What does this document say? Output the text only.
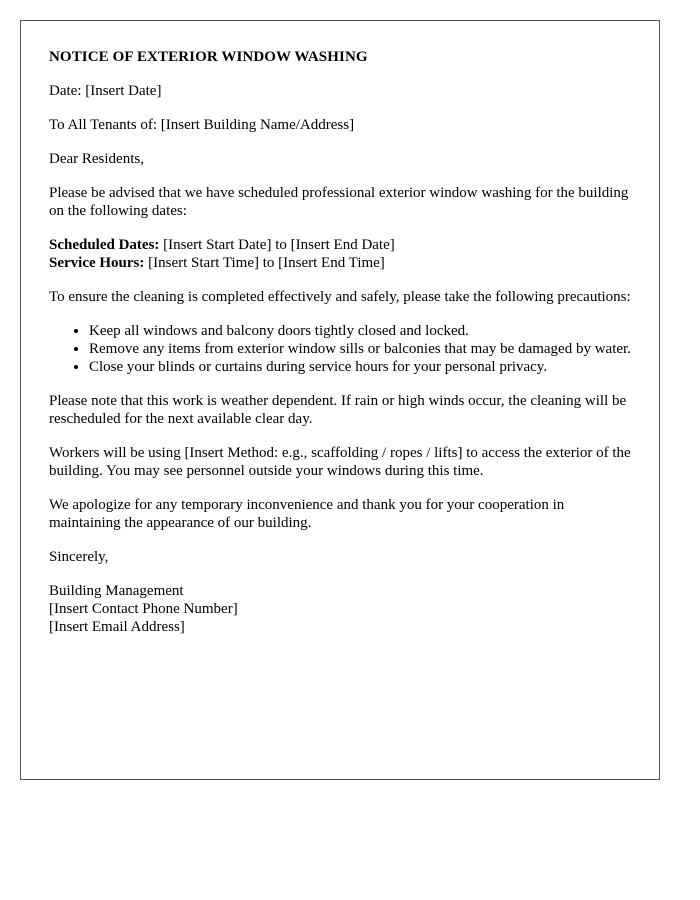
NOTICE OF EXTERIOR WINDOW WASHING

Date: [Insert Date]

To All Tenants of: [Insert Building Name/Address]

Dear Residents,

Please be advised that we have scheduled professional exterior window washing for the building on the following dates:

Scheduled Dates: [Insert Start Date] to [Insert End Date]
Service Hours: [Insert Start Time] to [Insert End Time]

To ensure the cleaning is completed effectively and safely, please take the following precautions:

• Keep all windows and balcony doors tightly closed and locked.
• Remove any items from exterior window sills or balconies that may be damaged by water.
• Close your blinds or curtains during service hours for your personal privacy.

Please note that this work is weather dependent. If rain or high winds occur, the cleaning will be rescheduled for the next available clear day.

Workers will be using [Insert Method: e.g., scaffolding / ropes / lifts] to access the exterior of the building. You may see personnel outside your windows during this time.

We apologize for any temporary inconvenience and thank you for your cooperation in maintaining the appearance of our building.

Sincerely,

Building Management
[Insert Contact Phone Number]
[Insert Email Address]
